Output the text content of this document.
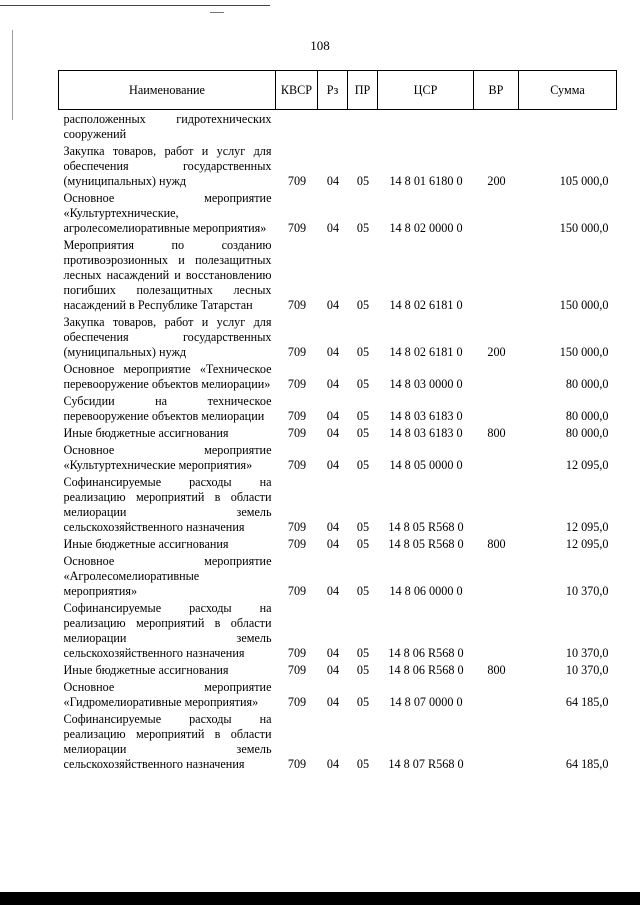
108
Наименование	КВСР	Рз	ПР	ЦСР	ВР	Сумма
расположенных гидротехнических сооружений						
Закупка товаров, работ и услуг для обеспечения государственных (муниципальных) нужд	709	04	05	14 8 01 6180 0	200	105 000,0
Основное мероприятие «Культуртехнические, агролесомелиоративные мероприятия»	709	04	05	14 8 02 0000 0		150 000,0
Мероприятия по созданию противоэрозионных и полезащитных лесных насаждений и восстановлению погибших полезащитных лесных насаждений в Республике Татарстан	709	04	05	14 8 02 6181 0		150 000,0
Закупка товаров, работ и услуг для обеспечения государственных (муниципальных) нужд	709	04	05	14 8 02 6181 0	200	150 000,0
Основное мероприятие «Техническое перевооружение объектов мелиорации»	709	04	05	14 8 03 0000 0		80 000,0
Субсидии на техническое перевооружение объектов мелиорации	709	04	05	14 8 03 6183 0		80 000,0
Иные бюджетные ассигнования	709	04	05	14 8 03 6183 0	800	80 000,0
Основное мероприятие «Культуртехнические мероприятия»	709	04	05	14 8 05 0000 0		12 095,0
Софинансируемые расходы на реализацию мероприятий в области мелиорации земель сельскохозяйственного назначения	709	04	05	14 8 05 R568 0		12 095,0
Иные бюджетные ассигнования	709	04	05	14 8 05 R568 0	800	12 095,0
Основное мероприятие «Агролесомелиоративные мероприятия»	709	04	05	14 8 06 0000 0		10 370,0
Софинансируемые расходы на реализацию мероприятий в области мелиорации земель сельскохозяйственного назначения	709	04	05	14 8 06 R568 0		10 370,0
Иные бюджетные ассигнования	709	04	05	14 8 06 R568 0	800	10 370,0
Основное мероприятие «Гидромелиоративные мероприятия»	709	04	05	14 8 07 0000 0		64 185,0
Софинансируемые расходы на реализацию мероприятий в области мелиорации земель сельскохозяйственного назначения	709	04	05	14 8 07 R568 0		64 185,0
